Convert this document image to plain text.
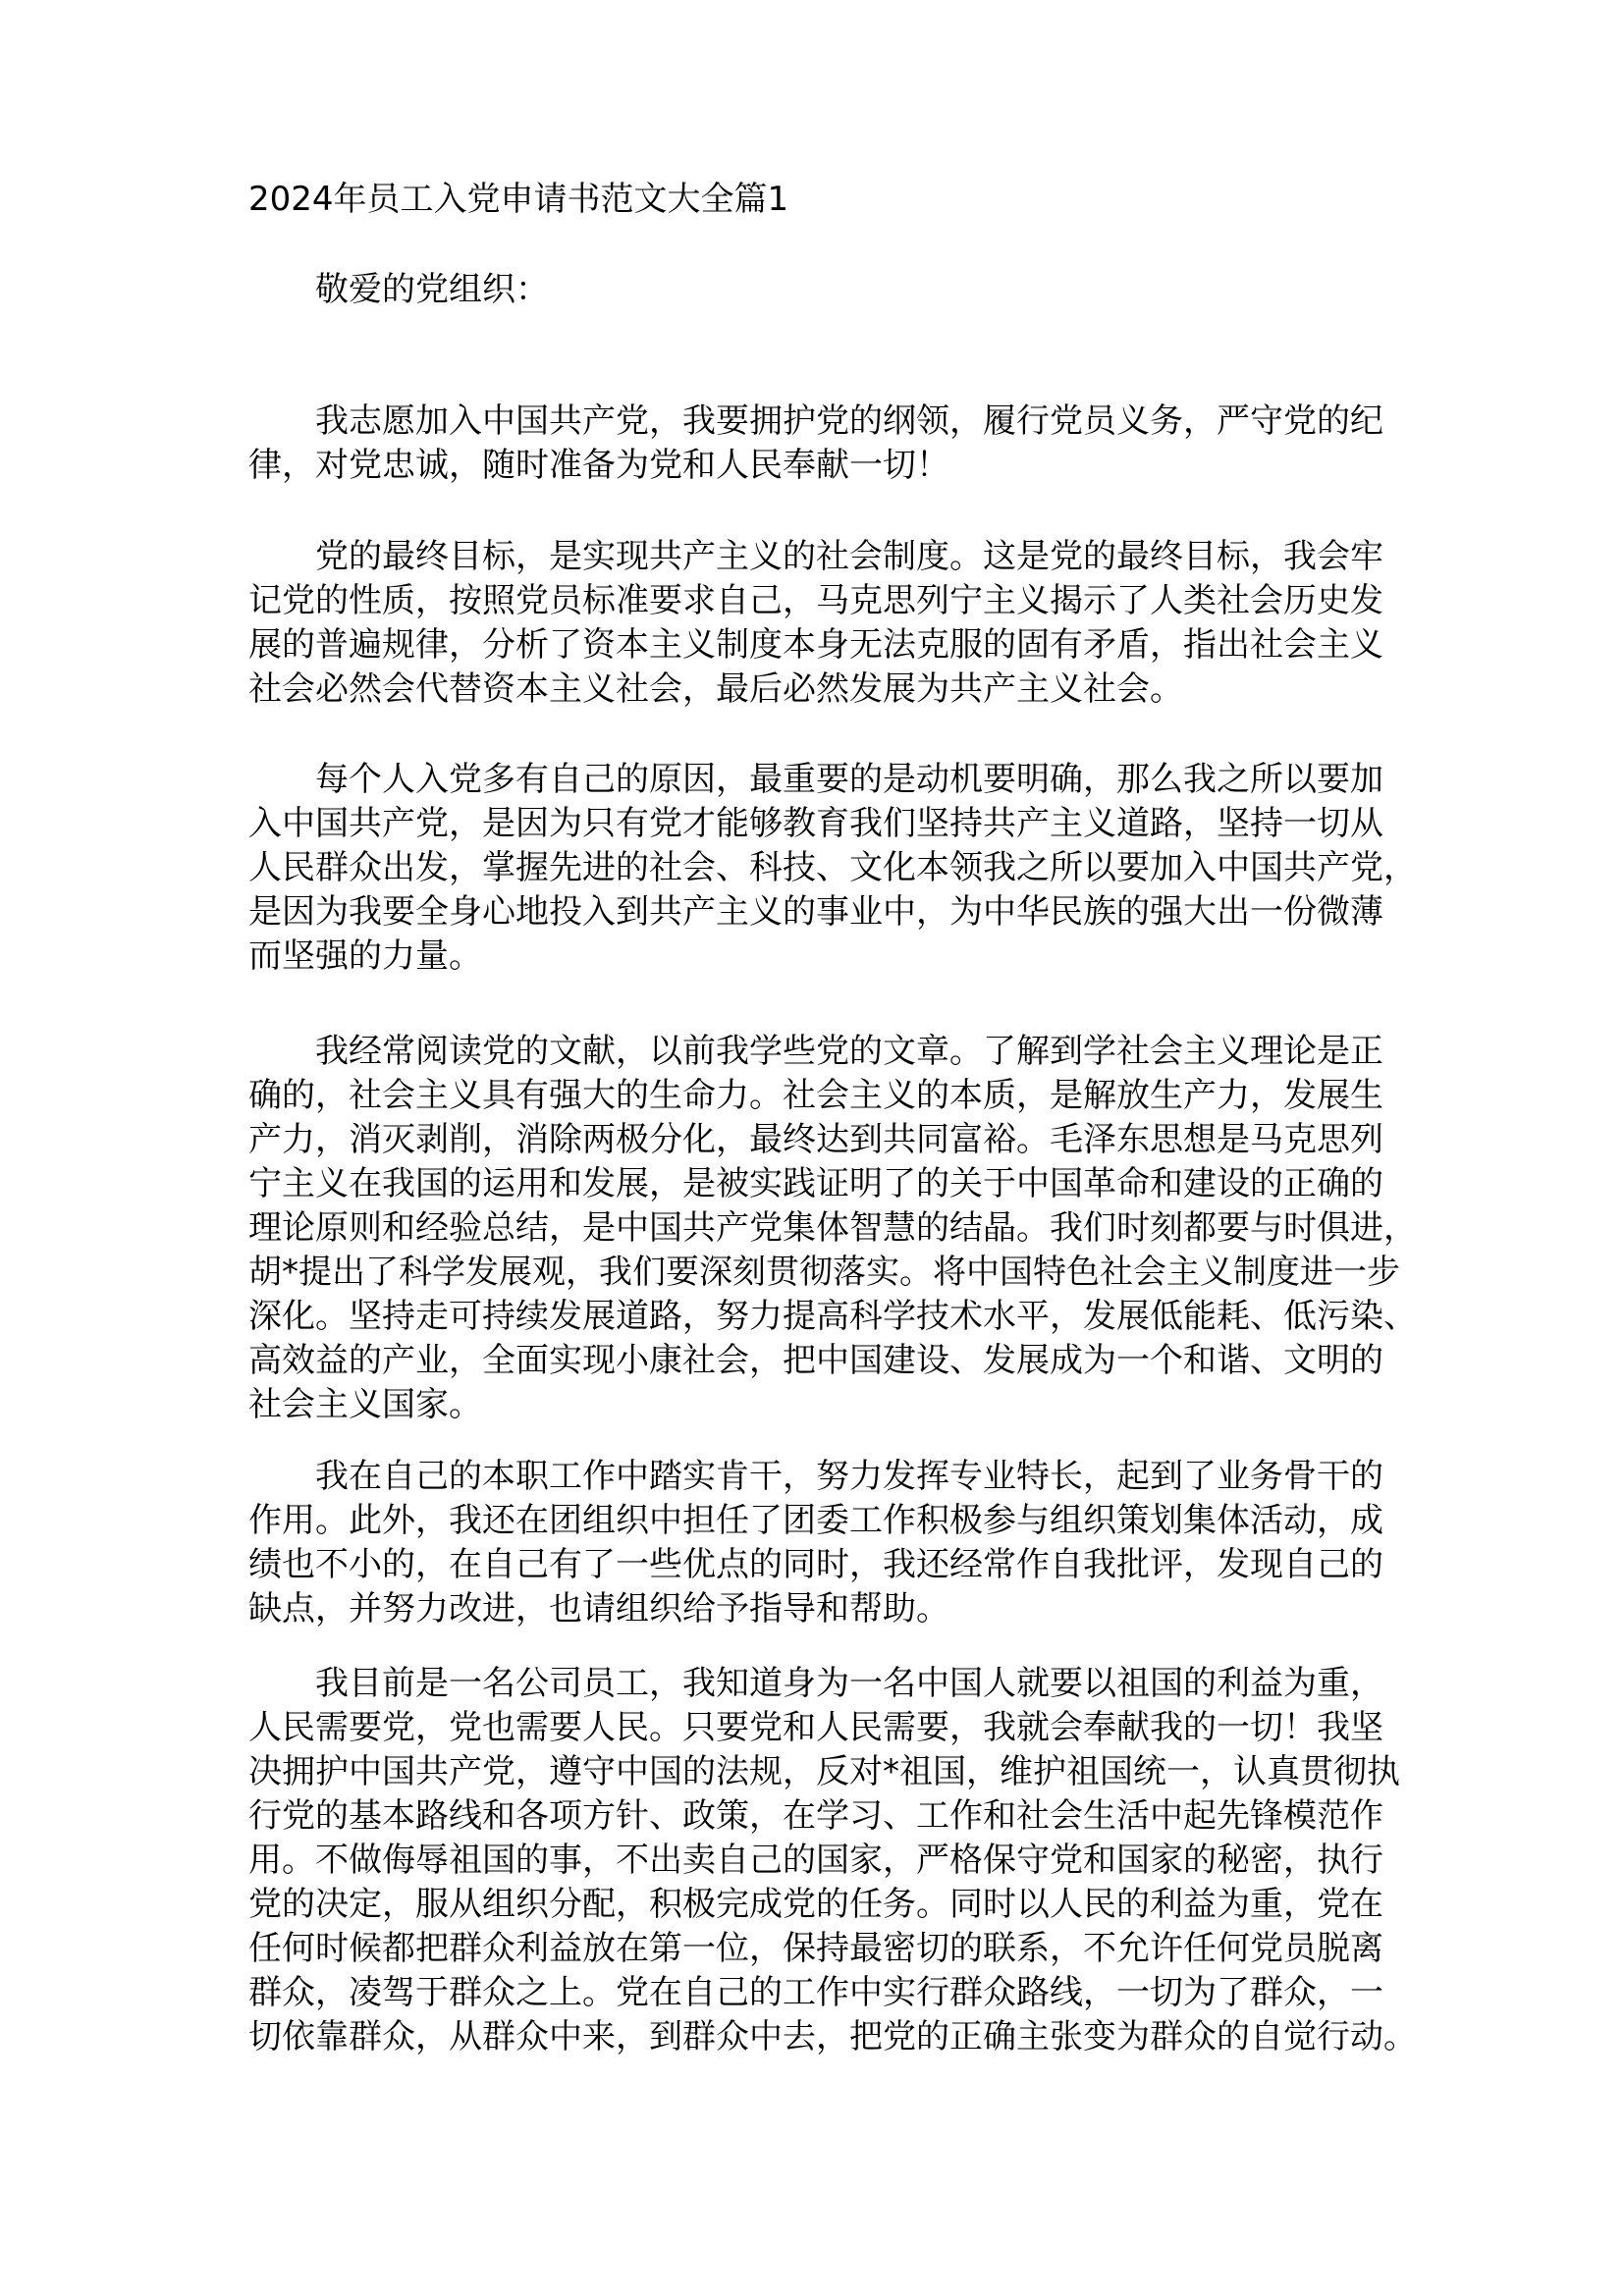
2024年员工入党申请书范文大全篇1
敬爱的党组织：
我志愿加入中国共产党，我要拥护党的纲领，履行党员义务，严守党的纪
律，对党忠诚，随时准备为党和人民奉献一切！
党的最终目标，是实现共产主义的社会制度。这是党的最终目标，我会牢
记党的性质，按照党员标准要求自己，马克思列宁主义揭示了人类社会历史发
展的普遍规律，分析了资本主义制度本身无法克服的固有矛盾，指出社会主义
社会必然会代替资本主义社会，最后必然发展为共产主义社会。
每个人入党多有自己的原因，最重要的是动机要明确，那么我之所以要加
入中国共产党，是因为只有党才能够教育我们坚持共产主义道路，坚持一切从
人民群众出发，掌握先进的社会、科技、文化本领我之所以要加入中国共产党，
是因为我要全身心地投入到共产主义的事业中，为中华民族的强大出一份微薄
而坚强的力量。
我经常阅读党的文献，以前我学些党的文章。了解到学社会主义理论是正
确的，社会主义具有强大的生命力。社会主义的本质，是解放生产力，发展生
产力，消灭剥削，消除两极分化，最终达到共同富裕。毛泽东思想是马克思列
宁主义在我国的运用和发展，是被实践证明了的关于中国革命和建设的正确的
理论原则和经验总结，是中国共产党集体智慧的结晶。我们时刻都要与时俱进，
胡*提出了科学发展观，我们要深刻贯彻落实。将中国特色社会主义制度进一步
深化。坚持走可持续发展道路，努力提高科学技术水平，发展低能耗、低污染、
高效益的产业，全面实现小康社会，把中国建设、发展成为一个和谐、文明的
社会主义国家。
我在自己的本职工作中踏实肯干，努力发挥专业特长，起到了业务骨干的
作用。此外，我还在团组织中担任了团委工作积极参与组织策划集体活动，成
绩也不小的，在自己有了一些优点的同时，我还经常作自我批评，发现自己的
缺点，并努力改进，也请组织给予指导和帮助。
我目前是一名公司员工，我知道身为一名中国人就要以祖国的利益为重，
人民需要党，党也需要人民。只要党和人民需要，我就会奉献我的一切！我坚
决拥护中国共产党，遵守中国的法规，反对*祖国，维护祖国统一，认真贯彻执
行党的基本路线和各项方针、政策，在学习、工作和社会生活中起先锋模范作
用。不做侮辱祖国的事，不出卖自己的国家，严格保守党和国家的秘密，执行
党的决定，服从组织分配，积极完成党的任务。同时以人民的利益为重，党在
任何时候都把群众利益放在第一位，保持最密切的联系，不允许任何党员脱离
群众，凌驾于群众之上。党在自己的工作中实行群众路线，一切为了群众，一
切依靠群众，从群众中来，到群众中去，把党的正确主张变为群众的自觉行动。
